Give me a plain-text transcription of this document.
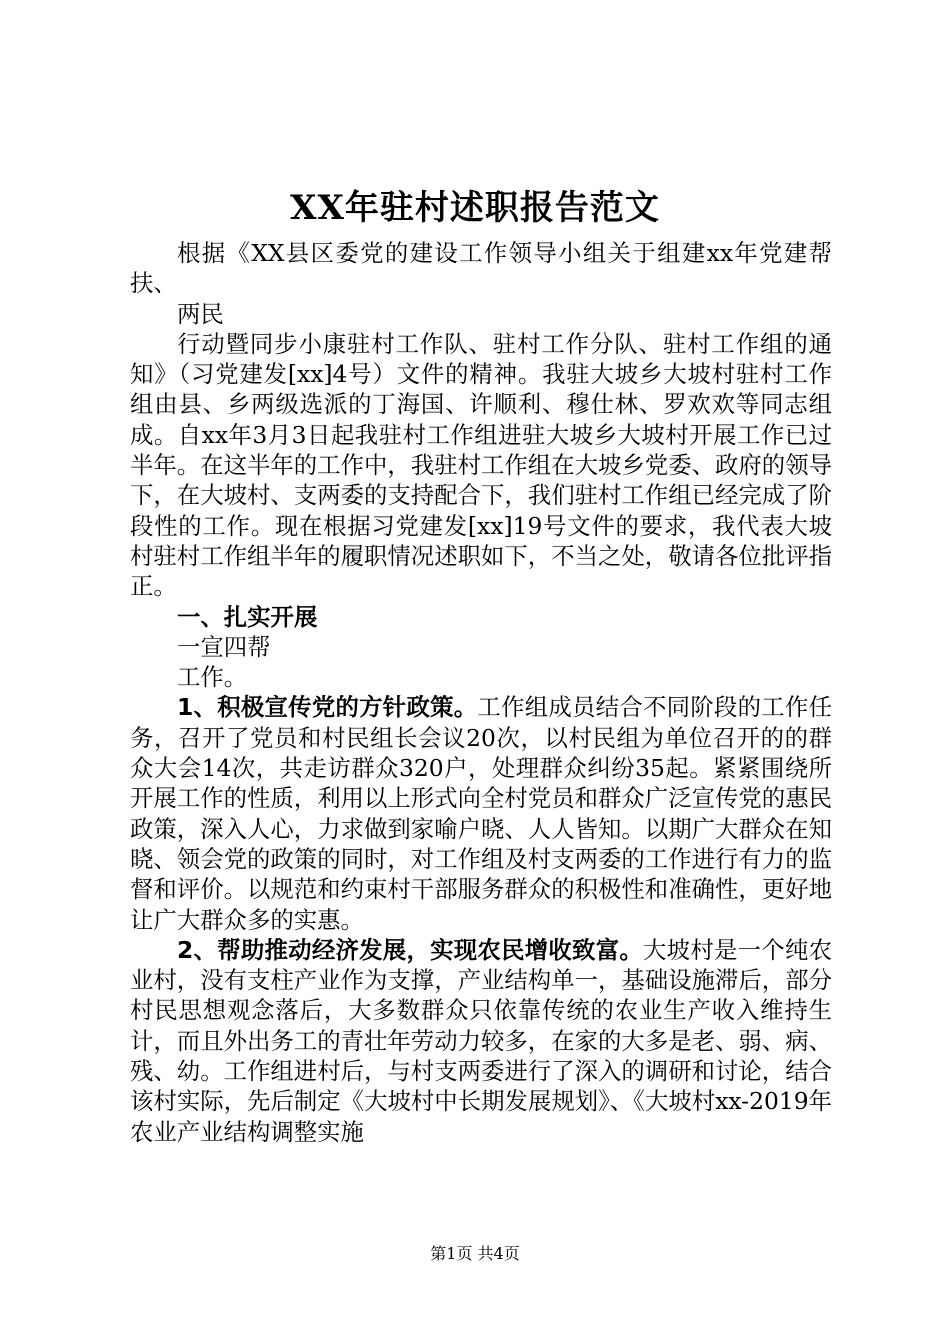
XX年驻村述职报告范文

根据《XX县区委党的建设工作领导小组关于组建xx年党建帮扶、

两民

行动暨同步小康驻村工作队、驻村工作分队、驻村工作组的通知》（习党建发[xx]4号）文件的精神。我驻大坡乡大坡村驻村工作组由县、乡两级选派的丁海国、许顺利、穆仕林、罗欢欢等同志组成。自xx年3月3日起我驻村工作组进驻大坡乡大坡村开展工作已过半年。在这半年的工作中，我驻村工作组在大坡乡党委、政府的领导下，在大坡村、支两委的支持配合下，我们驻村工作组已经完成了阶段性的工作。现在根据习党建发[xx]19号文件的要求，我代表大坡村驻村工作组半年的履职情况述职如下，不当之处，敬请各位批评指正。

一、扎实开展

一宣四帮

工作。

1、积极宣传党的方针政策。工作组成员结合不同阶段的工作任务，召开了党员和村民组长会议20次，以村民组为单位召开的的群众大会14次，共走访群众320户，处理群众纠纷35起。紧紧围绕所开展工作的性质，利用以上形式向全村党员和群众广泛宣传党的惠民政策，深入人心，力求做到家喻户晓、人人皆知。以期广大群众在知晓、领会党的政策的同时，对工作组及村支两委的工作进行有力的监督和评价。以规范和约束村干部服务群众的积极性和准确性，更好地让广大群众多的实惠。

2、帮助推动经济发展，实现农民增收致富。大坡村是一个纯农业村，没有支柱产业作为支撑，产业结构单一，基础设施滞后，部分村民思想观念落后，大多数群众只依靠传统的农业生产收入维持生计，而且外出务工的青壮年劳动力较多，在家的大多是老、弱、病、残、幼。工作组进村后，与村支两委进行了深入的调研和讨论，结合该村实际，先后制定《大坡村中长期发展规划》、《大坡村xx-2019年农业产业结构调整实施

第1页 共4页
